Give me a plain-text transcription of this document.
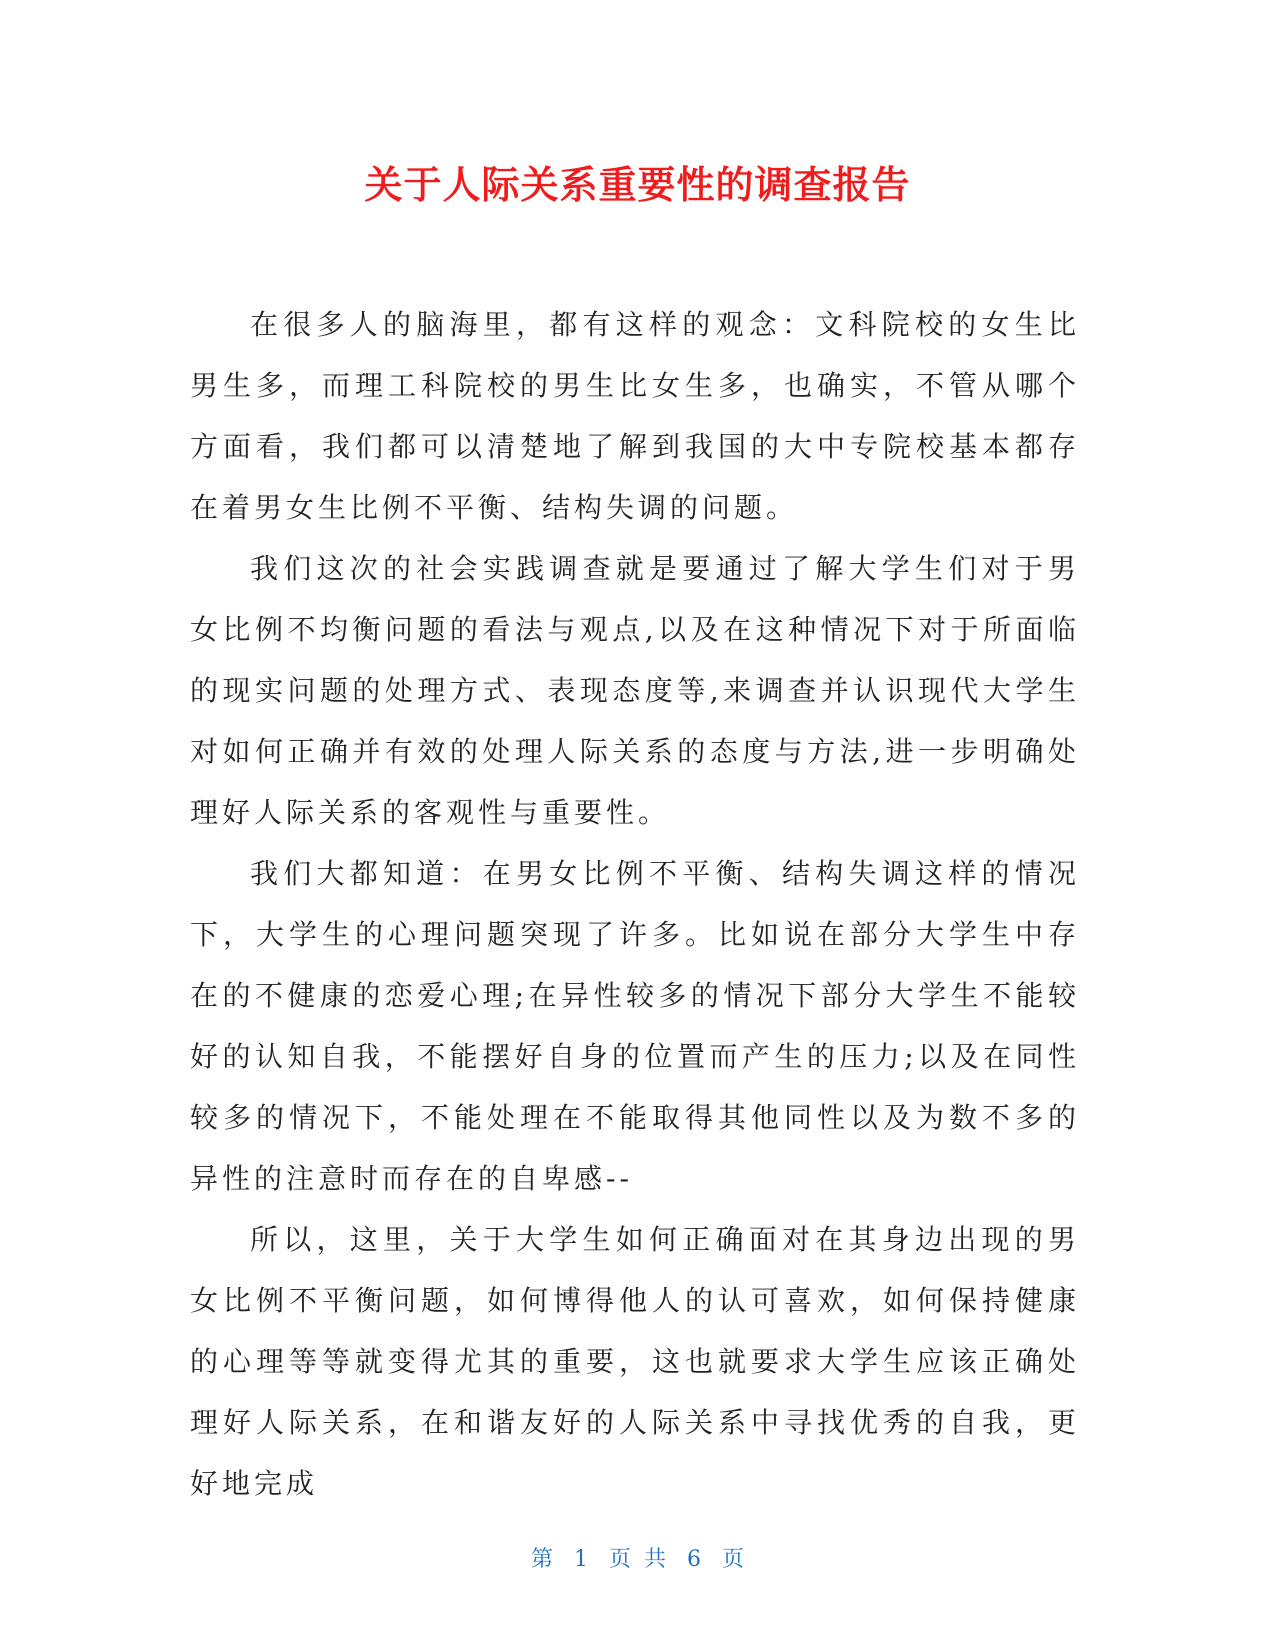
关于人际关系重要性的调查报告

在很多人的脑海里，都有这样的观念：文科院校的女生比男生多，而理工科院校的男生比女生多，也确实，不管从哪个方面看，我们都可以清楚地了解到我国的大中专院校基本都存在着男女生比例不平衡、结构失调的问题。

我们这次的社会实践调查就是要通过了解大学生们对于男女比例不均衡问题的看法与观点,以及在这种情况下对于所面临的现实问题的处理方式、表现态度等,来调查并认识现代大学生对如何正确并有效的处理人际关系的态度与方法,进一步明确处理好人际关系的客观性与重要性。

我们大都知道：在男女比例不平衡、结构失调这样的情况下，大学生的心理问题突现了许多。比如说在部分大学生中存在的不健康的恋爱心理;在异性较多的情况下部分大学生不能较好的认知自我，不能摆好自身的位置而产生的压力;以及在同性较多的情况下，不能处理在不能取得其他同性以及为数不多的异性的注意时而存在的自卑感--

所以，这里，关于大学生如何正确面对在其身边出现的男女比例不平衡问题，如何博得他人的认可喜欢，如何保持健康的心理等等就变得尤其的重要，这也就要求大学生应该正确处理好人际关系，在和谐友好的人际关系中寻找优秀的自我，更好地完成

第 1 页 共 6 页
